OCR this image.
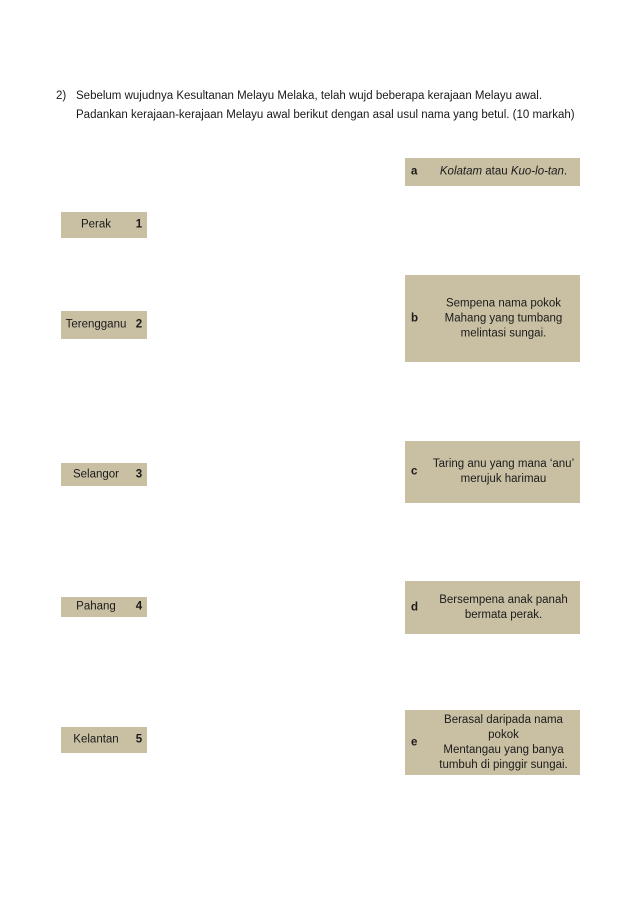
2) Sebelum wujudnya Kesultanan Melayu Melaka, telah wujd beberapa kerajaan Melayu awal. Padankan kerajaan-kerajaan Melayu awal berikut dengan asal usul nama yang betul. (10 markah)
Perak	1
Terengganu 2
Selangor	3
Pahang	4
Kelantan	5
a	Kolatam atau Kuo-lo-tan.
b
Sempena nama pokok
Mahang yang tumbang
melintasi sungai.
c
Taring anu yang mana ‘anu’
merujuk harimau
d
Bersempena anak panah
bermata perak.
e
Berasal daripada nama pokok
Mentangau yang banya
tumbuh di pinggir sungai.
